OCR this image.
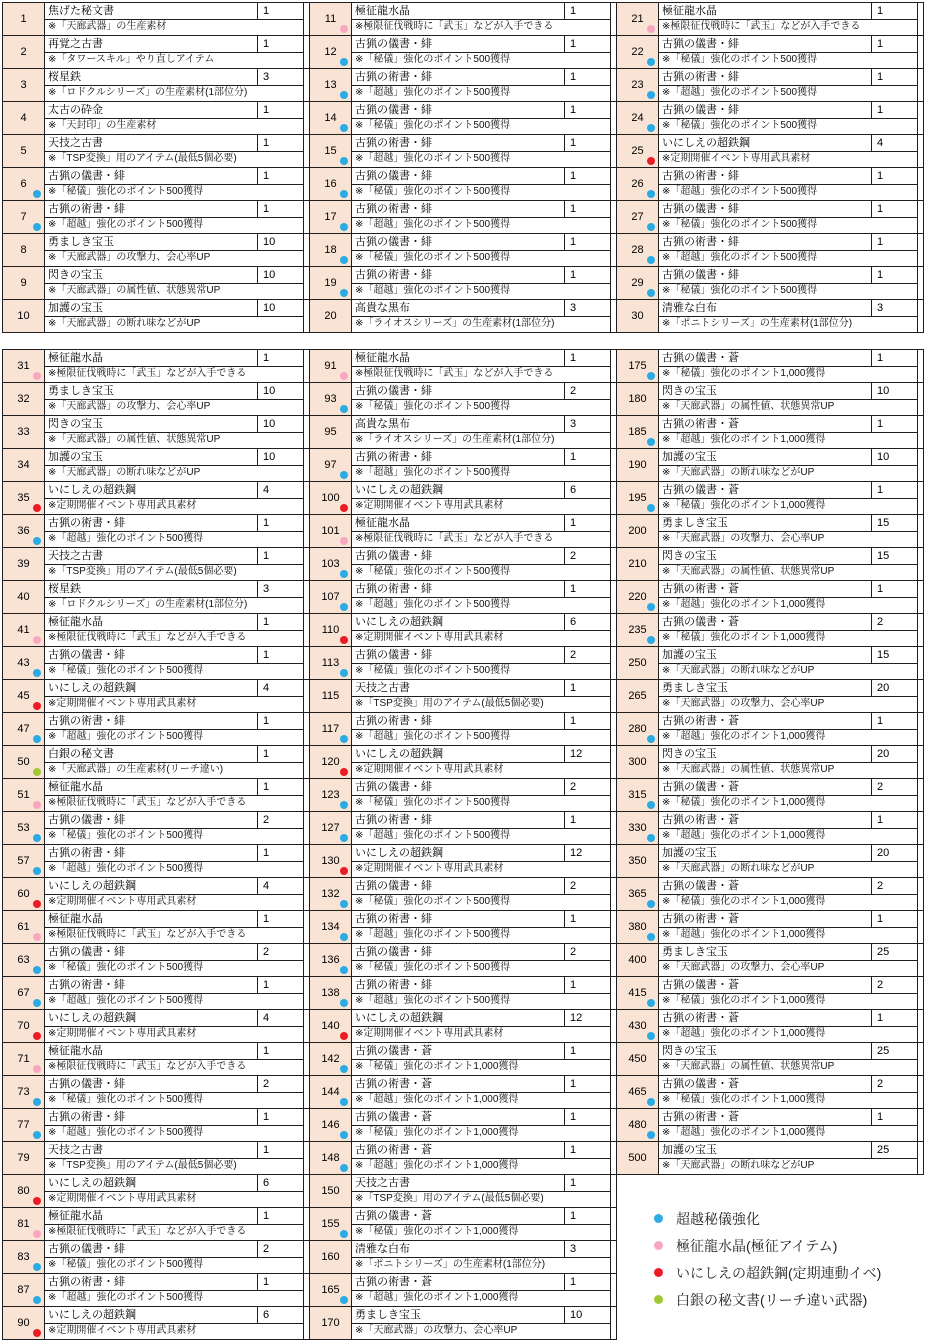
1
焦げた秘文書	1
※「天廊武器」の生産素材
2
再覚之古書	1
※「タワースキル」やり直しアイテム
3
桜星鉄	3
※「ロドクルシリーズ」の生産素材(1部位分)
4
太古の砕金	1
※「天封印」の生産素材
5
天技之古書	1
※「TSP変換」用のアイテム(最低5個必要)
6
古猟の儀書・緋	1
※「秘儀」強化のポイント500獲得
7
古猟の術書・緋	1
※「超越」強化のポイント500獲得
8
勇ましき宝玉	10
※「天廊武器」の攻撃力、会心率UP
9
閃きの宝玉	10
※「天廊武器」の属性値、状態異常UP
10
加護の宝玉	10
※「天廊武器」の断れ味などがUP
31
極征龍水晶	1
※極限征伐戦時に「武玉」などが入手できる
32
勇ましき宝玉	10
※「天廊武器」の攻撃力、会心率UP
33
閃きの宝玉	10
※「天廊武器」の属性値、状態異常UP
34
加護の宝玉	10
※「天廊武器」の断れ味などがUP
35
いにしえの超鉄鋼	4
※定期開催イベント専用武具素材
36
古猟の術書・緋	1
※「超越」強化のポイント500獲得
39
天技之古書	1
※「TSP変換」用のアイテム(最低5個必要)
40
桜星鉄	3
※「ロドクルシリーズ」の生産素材(1部位分)
41
極征龍水晶	1
※極限征伐戦時に「武玉」などが入手できる
43
古猟の儀書・緋	1
※「秘儀」強化のポイント500獲得
45
いにしえの超鉄鋼	4
※定期開催イベント専用武具素材
47
古猟の術書・緋	1
※「超越」強化のポイント500獲得
50
白銀の秘文書	1
※「天廊武器」の生産素材(リーチ違い)
51
極征龍水晶	1
※極限征伐戦時に「武玉」などが入手できる
53
古猟の儀書・緋	2
※「秘儀」強化のポイント500獲得
57
古猟の術書・緋	1
※「超越」強化のポイント500獲得
60
いにしえの超鉄鋼	4
※定期開催イベント専用武具素材
61
極征龍水晶	1
※極限征伐戦時に「武玉」などが入手できる
63
古猟の儀書・緋	2
※「秘儀」強化のポイント500獲得
67
古猟の術書・緋	1
※「超越」強化のポイント500獲得
70
いにしえの超鉄鋼	4
※定期開催イベント専用武具素材
71
極征龍水晶	1
※極限征伐戦時に「武玉」などが入手できる
73
古猟の儀書・緋	2
※「秘儀」強化のポイント500獲得
77
古猟の術書・緋	1
※「超越」強化のポイント500獲得
79
天技之古書	1
※「TSP変換」用のアイテム(最低5個必要)
80
いにしえの超鉄鋼	6
※定期開催イベント専用武具素材
81
極征龍水晶	1
※極限征伐戦時に「武玉」などが入手できる
83
古猟の儀書・緋	2
※「秘儀」強化のポイント500獲得
87
古猟の術書・緋	1
※「超越」強化のポイント500獲得
90
いにしえの超鉄鋼	6
※定期開催イベント専用武具素材
11
極征龍水晶	1
※極限征伐戦時に「武玉」などが入手できる
12
古猟の儀書・緋	1
※「秘儀」強化のポイント500獲得
13
古猟の術書・緋	1
※「超越」強化のポイント500獲得
14
古猟の儀書・緋	1
※「秘儀」強化のポイント500獲得
15
古猟の術書・緋	1
※「超越」強化のポイント500獲得
16
古猟の儀書・緋	1
※「秘儀」強化のポイント500獲得
17
古猟の術書・緋	1
※「超越」強化のポイント500獲得
18
古猟の儀書・緋	1
※「秘儀」強化のポイント500獲得
19
古猟の術書・緋	1
※「超越」強化のポイント500獲得
20
高貴な黒布	3
※「ライオスシリーズ」の生産素材(1部位分)
91
極征龍水晶	1
※極限征伐戦時に「武玉」などが入手できる
93
古猟の儀書・緋	2
※「秘儀」強化のポイント500獲得
95
高貴な黒布	3
※「ライオスシリーズ」の生産素材(1部位分)
97
古猟の術書・緋	1
※「超越」強化のポイント500獲得
100
いにしえの超鉄鋼	6
※定期開催イベント専用武具素材
101
極征龍水晶	1
※極限征伐戦時に「武玉」などが入手できる
103
古猟の儀書・緋	2
※「秘儀」強化のポイント500獲得
107
古猟の術書・緋	1
※「超越」強化のポイント500獲得
110
いにしえの超鉄鋼	6
※定期開催イベント専用武具素材
113
古猟の儀書・緋	2
※「秘儀」強化のポイント500獲得
115
天技之古書	1
※「TSP変換」用のアイテム(最低5個必要)
117
古猟の術書・緋	1
※「超越」強化のポイント500獲得
120
いにしえの超鉄鋼	12
※定期開催イベント専用武具素材
123
古猟の儀書・緋	2
※「秘儀」強化のポイント500獲得
127
古猟の術書・緋	1
※「超越」強化のポイント500獲得
130
いにしえの超鉄鋼	12
※定期開催イベント専用武具素材
132
古猟の儀書・緋	2
※「秘儀」強化のポイント500獲得
134
古猟の術書・緋	1
※「超越」強化のポイント500獲得
136
古猟の儀書・緋	2
※「秘儀」強化のポイント500獲得
138
古猟の術書・緋	1
※「超越」強化のポイント500獲得
140
いにしえの超鉄鋼	12
※定期開催イベント専用武具素材
142
古猟の儀書・蒼	1
※「秘儀」強化のポイント1,000獲得
144
古猟の術書・蒼	1
※「超越」強化のポイント1,000獲得
146
古猟の儀書・蒼	1
※「秘儀」強化のポイント1,000獲得
148
古猟の術書・蒼	1
※「超越」強化のポイント1,000獲得
150
天技之古書	1
※「TSP変換」用のアイテム(最低5個必要)
155
古猟の儀書・蒼	1
※「秘儀」強化のポイント1,000獲得
160
清雅な白布	3
※「ポニトシリーズ」の生産素材(1部位分)
165
古猟の術書・蒼	1
※「超越」強化のポイント1,000獲得
170
勇ましき宝玉	10
※「天廊武器」の攻撃力、会心率UP
21
極征龍水晶	1
※極限征伐戦時に「武玉」などが入手できる
22
古猟の儀書・緋	1
※「秘儀」強化のポイント500獲得
23
古猟の術書・緋	1
※「超越」強化のポイント500獲得
24
古猟の儀書・緋	1
※「秘儀」強化のポイント500獲得
25
いにしえの超鉄鋼	4
※定期開催イベント専用武具素材
26
古猟の術書・緋	1
※「超越」強化のポイント500獲得
27
古猟の儀書・緋	1
※「秘儀」強化のポイント500獲得
28
古猟の術書・緋	1
※「超越」強化のポイント500獲得
29
古猟の儀書・緋	1
※「秘儀」強化のポイント500獲得
30
清雅な白布	3
※「ポニトシリーズ」の生産素材(1部位分)
175
古猟の儀書・蒼	1
※「秘儀」強化のポイント1,000獲得
180
閃きの宝玉	10
※「天廊武器」の属性値、状態異常UP
185
古猟の術書・蒼	1
※「超越」強化のポイント1,000獲得
190
加護の宝玉	10
※「天廊武器」の断れ味などがUP
195
古猟の儀書・蒼	1
※「秘儀」強化のポイント1,000獲得
200
勇ましき宝玉	15
※「天廊武器」の攻撃力、会心率UP
210
閃きの宝玉	15
※「天廊武器」の属性値、状態異常UP
220
古猟の術書・蒼	1
※「超越」強化のポイント1,000獲得
235
古猟の儀書・蒼	2
※「秘儀」強化のポイント1,000獲得
250
加護の宝玉	15
※「天廊武器」の断れ味などがUP
265
勇ましき宝玉	20
※「天廊武器」の攻撃力、会心率UP
280
古猟の術書・蒼	1
※「超越」強化のポイント1,000獲得
300
閃きの宝玉	20
※「天廊武器」の属性値、状態異常UP
315
古猟の儀書・蒼	2
※「秘儀」強化のポイント1,000獲得
330
古猟の術書・蒼	1
※「超越」強化のポイント1,000獲得
350
加護の宝玉	20
※「天廊武器」の断れ味などがUP
365
古猟の儀書・蒼	2
※「秘儀」強化のポイント1,000獲得
380
古猟の術書・蒼	1
※「超越」強化のポイント1,000獲得
400
勇ましき宝玉	25
※「天廊武器」の攻撃力、会心率UP
415
古猟の儀書・蒼	2
※「秘儀」強化のポイント1,000獲得
430
古猟の術書・蒼	1
※「超越」強化のポイント1,000獲得
450
閃きの宝玉	25
※「天廊武器」の属性値、状態異常UP
465
古猟の儀書・蒼	2
※「秘儀」強化のポイント1,000獲得
480
古猟の術書・蒼	1
※「超越」強化のポイント1,000獲得
500
加護の宝玉	25
※「天廊武器」の断れ味などがUP
超越秘儀強化
極征龍水晶(極征アイテム)
いにしえの超鉄鋼(定期連動イベ)
白銀の秘文書(リーチ違い武器)
